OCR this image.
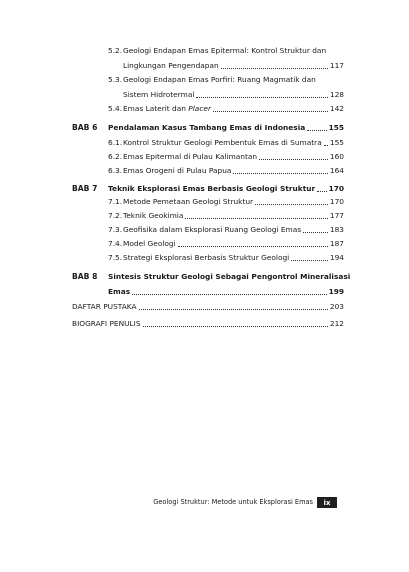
5.2. Geologi Endapan Emas Epitermal: Kontrol Struktur dan
Lingkungan Pengendapan	117
5.3. Geologi Endapan Emas Porfiri: Ruang Magmatik dan
Sistem Hidrotermal	128
5.4. Emas Laterit dan Placer	142
BAB 6 Pendalaman Kasus Tambang Emas di Indonesia	155
6.1. Kontrol Struktur Geologi Pembentuk Emas di Sumatra 155
6.2. Emas Epitermal di Pulau Kalimantan	160
6.3. Emas Orogeni di Pulau Papua	164
BAB 7 Teknik Eksplorasi Emas Berbasis Geologi Struktur 170
7.1. Metode Pemetaan Geologi Struktur	170
7.2. Teknik Geokimia	177
7.3. Geofisika dalam Eksplorasi Ruang Geologi Emas	183
7.4. Model Geologi	187
7.5. Strategi Eksplorasi Berbasis Struktur Geologi	194
BAB 8 Sintesis Struktur Geologi Sebagai Pengontrol Mineralisasi
Emas	199
DAFTAR PUSTAKA	203
BIOGRAFI PENULIS	212
Geologi Struktur: Metode untuk Eksplorasi Emas	ix
